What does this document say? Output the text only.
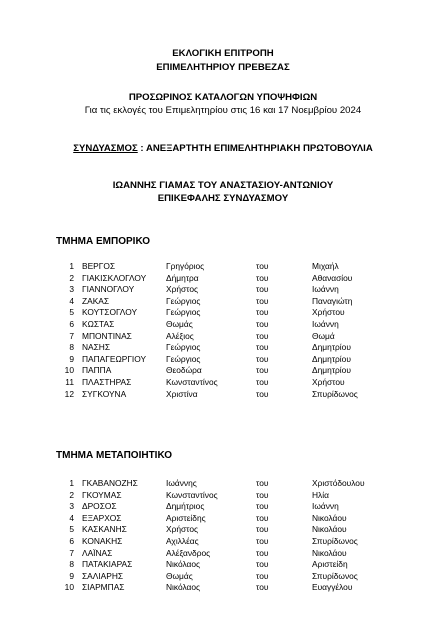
ΕΚΛΟΓΙΚΗ ΕΠΙΤΡΟΠΗ
ΕΠΙΜΕΛΗΤΗΡΙΟΥ ΠΡΕΒΕΖΑΣ
ΠΡΟΣΩΡΙΝΟΣ ΚΑΤΑΛΟΓΩΝ ΥΠΟΨΗΦΙΩΝ
Για τις εκλογές του Επιμελητηρίου στις 16 και 17 Νοεμβρίου 2024
ΣΥΝΔΥΑΣΜΟΣ : ΑΝΕΞΑΡΤΗΤΗ ΕΠΙΜΕΛΗΤΗΡΙΑΚΗ ΠΡΩΤΟΒΟΥΛΙΑ
ΙΩΑΝΝΗΣ ΓΙΑΜΑΣ ΤΟΥ ΑΝΑΣΤΑΣΙΟΥ-ΑΝΤΩΝΙΟΥ
ΕΠΙΚΕΦΑΛΗΣ ΣΥΝΔΥΑΣΜΟΥ
ΤΜΗΜΑ ΕΜΠΟΡΙΚΟ
1 ΒΕΡΓΟΣ	Γρηγόριος	του	Μιχαήλ
2 ΓΙΑΚΙΣΚΛΟΓΛΟΥ Δήμητρα	του	Αθανασίου
3 ΓΙΑΝΝΟΓΛΟΥ	Χρήστος	του	Ιωάννη
4 ΖΑΚΑΣ	Γεώργιος	του	Παναγιώτη
5 ΚΟΥΤΣΟΓΛΟΥ	Γεώργιος	του	Χρήστου
6 ΚΩΣΤΑΣ	Θωμάς	του	Ιωάννη
7 ΜΠΟΝΤΙΝΑΣ	Αλέξιος	του	Θωμά
8 ΝΑΣΗΣ	Γεώργιος	του	Δημητρίου
9 ΠΑΠΑΓΕΩΡΓΙΟΥ Γεώργιος	του	Δημητρίου
10 ΠΑΠΠΑ	Θεοδώρα	του	Δημητρίου
11 ΠΛΑΣΤΗΡΑΣ	Κωνσταντίνος	του	Χρήστου
12 ΣΥΓΚΟΥΝΑ	Χριστίνα	του	Σπυρίδωνος
ΤΜΗΜΑ ΜΕΤΑΠΟΙΗΤΙΚΟ
1 ΓΚΑΒΑΝΟΖΗΣ	Ιωάννης	του	Χριστόδουλου
2 ΓΚΟΥΜΑΣ	Κωνσταντίνος	του	Ηλία
3 ΔΡΟΣΟΣ	Δημήτριος	του	Ιωάννη
4 ΕΞΑΡΧΟΣ	Αριστείδης	του	Νικολάου
5 ΚΑΣΚΑΝΗΣ	Χρήστος	του	Νικολάου
6 ΚΟΝΑΚΗΣ	Αχιλλέας	του	Σπυρίδωνος
7 ΛΑΪΝΑΣ	Αλέξανδρος	του	Νικολάου
8 ΠΑΤΑΚΙΑΡΑΣ	Νικόλαος	του	Αριστείδη
9 ΣΑΛΙΑΡΗΣ	Θωμάς	του	Σπυρίδωνος
10 ΣΙΑΡΜΠΑΣ	Νικόλαος	του	Ευαγγέλου
